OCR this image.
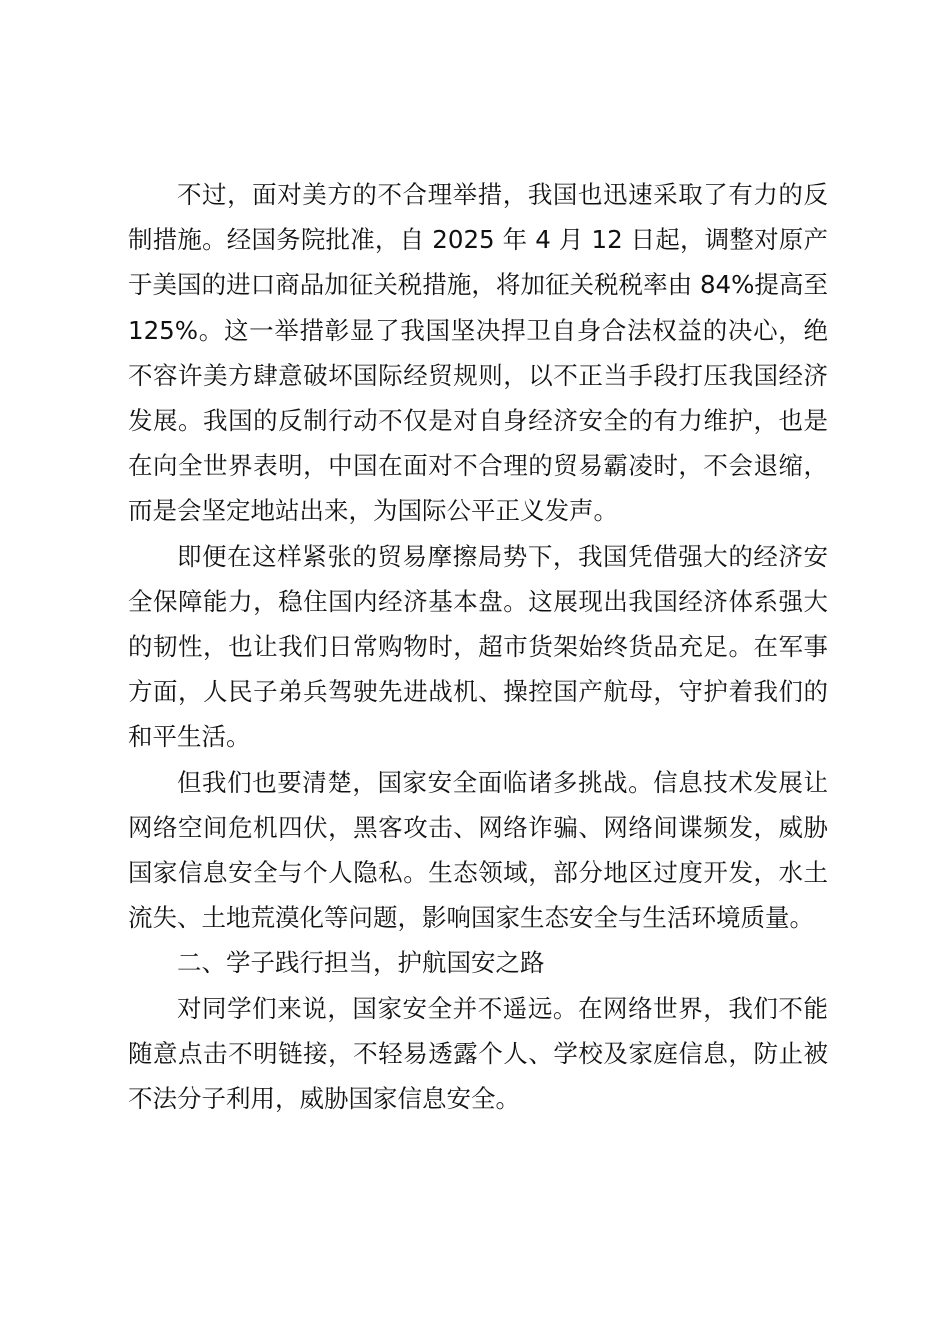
不过，面对美方的不合理举措，我国也迅速采取了有力的反制措施。经国务院批准，自 2025 年 4 月 12 日起，调整对原产于美国的进口商品加征关税措施，将加征关税税率由 84%提高至 125%。这一举措彰显了我国坚决捍卫自身合法权益的决心，绝不容许美方肆意破坏国际经贸规则，以不正当手段打压我国经济发展。我国的反制行动不仅是对自身经济安全的有力维护，也是在向全世界表明，中国在面对不合理的贸易霸凌时，不会退缩，而是会坚定地站出来，为国际公平正义发声。

即便在这样紧张的贸易摩擦局势下，我国凭借强大的经济安全保障能力，稳住国内经济基本盘。这展现出我国经济体系强大的韧性，也让我们日常购物时，超市货架始终货品充足。在军事方面，人民子弟兵驾驶先进战机、操控国产航母，守护着我们的和平生活。

但我们也要清楚，国家安全面临诸多挑战。信息技术发展让网络空间危机四伏，黑客攻击、网络诈骗、网络间谍频发，威胁国家信息安全与个人隐私。生态领域，部分地区过度开发，水土流失、土地荒漠化等问题，影响国家生态安全与生活环境质量。

二、学子践行担当，护航国安之路

对同学们来说，国家安全并不遥远。在网络世界，我们不能随意点击不明链接，不轻易透露个人、学校及家庭信息，防止被不法分子利用，威胁国家信息安全。
